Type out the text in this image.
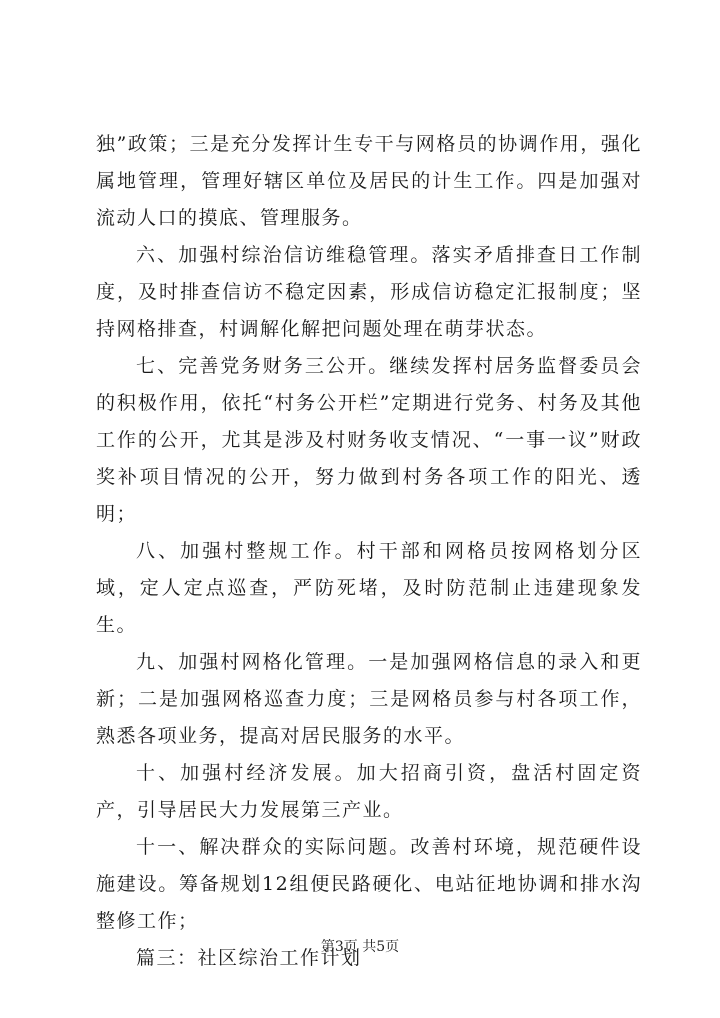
独”政策；三是充分发挥计生专干与网格员的协调作用，强化属地管理，管理好辖区单位及居民的计生工作。四是加强对流动人口的摸底、管理服务。

六、加强村综治信访维稳管理。落实矛盾排查日工作制度，及时排查信访不稳定因素，形成信访稳定汇报制度；坚持网格排查，村调解化解把问题处理在萌芽状态。

七、完善党务财务三公开。继续发挥村居务监督委员会的积极作用，依托“村务公开栏”定期进行党务、村务及其他工作的公开，尤其是涉及村财务收支情况、“一事一议”财政奖补项目情况的公开，努力做到村务各项工作的阳光、透明；

八、加强村整规工作。村干部和网格员按网格划分区域，定人定点巡查，严防死堵，及时防范制止违建现象发生。

九、加强村网格化管理。一是加强网格信息的录入和更新；二是加强网格巡查力度；三是网格员参与村各项工作，熟悉各项业务，提高对居民服务的水平。

十、加强村经济发展。加大招商引资，盘活村固定资产，引导居民大力发展第三产业。

十一、解决群众的实际问题。改善村环境，规范硬件设施建设。筹备规划12组便民路硬化、电站征地协调和排水沟整修工作；

篇三：社区综治工作计划

第3页 共5页
